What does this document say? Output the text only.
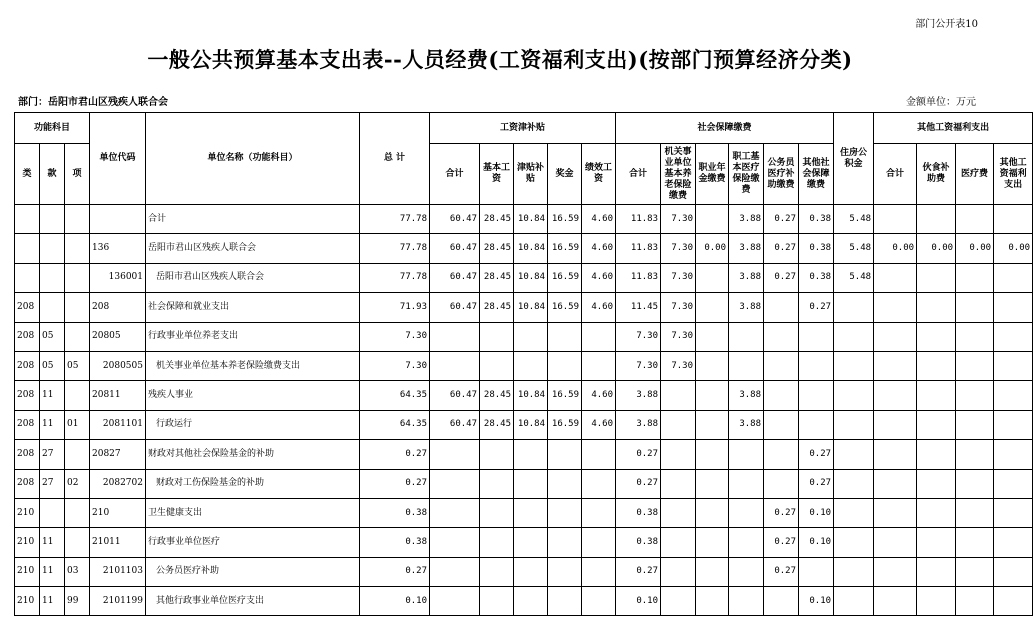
部门公开表10
一般公共预算基本支出表--人员经费(工资福利支出)(按部门预算经济分类)
部门：岳阳市君山区残疾人联合会	金额单位：万元
功能科目			单位代码	单位名称（功能科目）	总 计	工资津补贴					社会保障缴费						住房公积金	其他工资福利支出			
类	款	项				合计	基本工资	津贴补贴	奖金	绩效工资	合计	机关事业单位基本养老保险缴费	职业年金缴费	职工基本医疗保险缴费	公务员医疗补助缴费	其他社会保障缴费		合计	伙食补助费	医疗费	其他工资福利支出
				合计	77.78	60.47	28.45	10.84	16.59	4.60	11.83	7.30		3.88	0.27	0.38	5.48				
			136	岳阳市君山区残疾人联合会	77.78	60.47	28.45	10.84	16.59	4.60	11.83	7.30	0.00	3.88	0.27	0.38	5.48	0.00	0.00	0.00	0.00
			136001	岳阳市君山区残疾人联合会	77.78	60.47	28.45	10.84	16.59	4.60	11.83	7.30		3.88	0.27	0.38	5.48				
208			208	社会保障和就业支出	71.93	60.47	28.45	10.84	16.59	4.60	11.45	7.30		3.88		0.27					
208	05		20805	行政事业单位养老支出	7.30						7.30	7.30									
208	05	05	2080505	机关事业单位基本养老保险缴费支出	7.30						7.30	7.30									
208	11		20811	残疾人事业	64.35	60.47	28.45	10.84	16.59	4.60	3.88			3.88							
208	11	01	2081101	行政运行	64.35	60.47	28.45	10.84	16.59	4.60	3.88			3.88							
208	27		20827	财政对其他社会保险基金的补助	0.27						0.27					0.27					
208	27	02	2082702	财政对工伤保险基金的补助	0.27						0.27					0.27					
210			210	卫生健康支出	0.38						0.38				0.27	0.10					
210	11		21011	行政事业单位医疗	0.38						0.38				0.27	0.10					
210	11	03	2101103	公务员医疗补助	0.27						0.27				0.27						
210	11	99	2101199	其他行政事业单位医疗支出	0.10						0.10					0.10					
